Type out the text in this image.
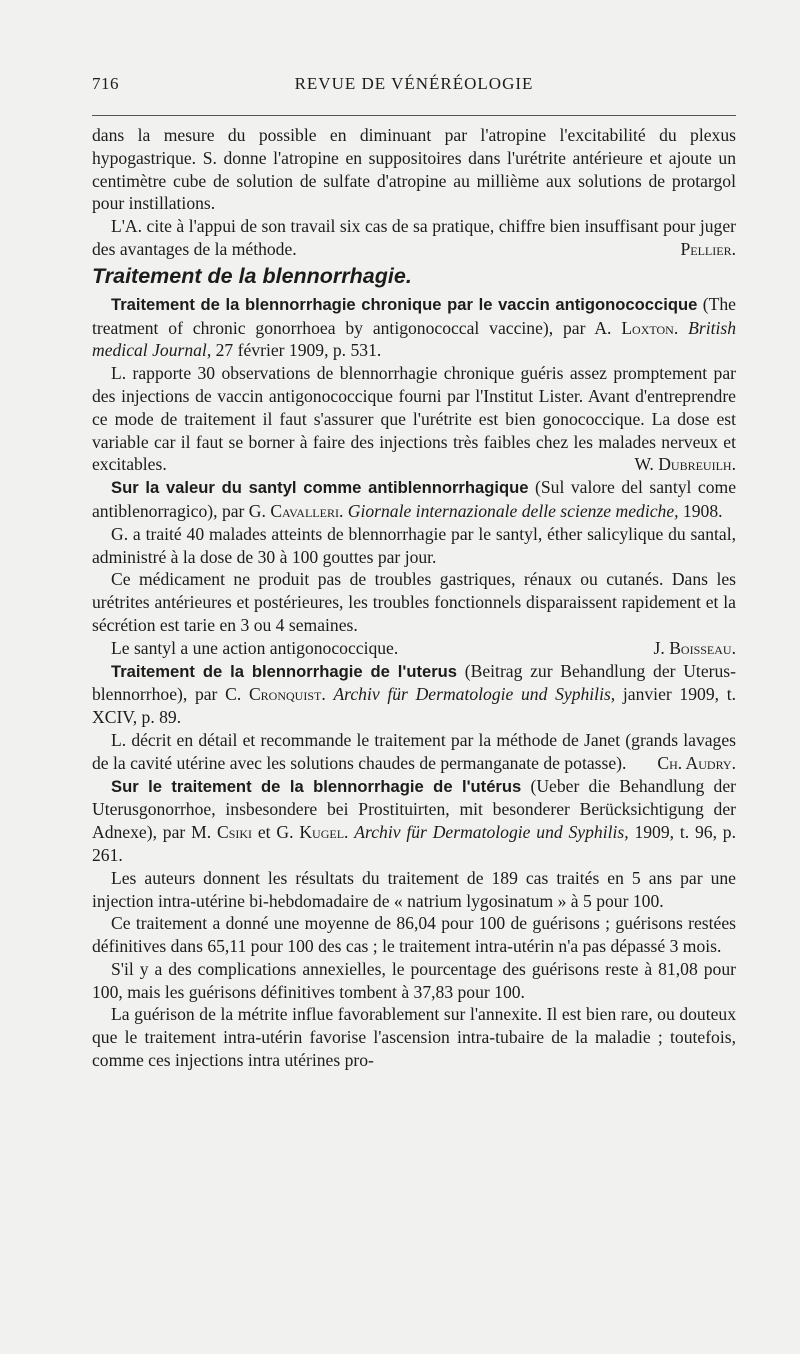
716	REVUE DE VÉNÉRÉOLOGIE

dans la mesure du possible en diminuant par l'atropine l'excitabilité du plexus hypogastrique. S. donne l'atropine en suppositoires dans l'urétrite antérieure et ajoute un centimètre cube de solution de sulfate d'atropine au millième aux solutions de protargol pour instillations.

L'A. cite à l'appui de son travail six cas de sa pratique, chiffre bien insuffisant pour juger des avantages de la méthode.	Pellier.

Traitement de la blennorrhagie.

Traitement de la blennorrhagie chronique par le vaccin antigonococcique (The treatment of chronic gonorrhoea by antigonococcal vaccine), par A. Loxton. British medical Journal, 27 février 1909, p. 531.

L. rapporte 30 observations de blennorrhagie chronique guéris assez promptement par des injections de vaccin antigonococcique fourni par l'Institut Lister. Avant d'entreprendre ce mode de traitement il faut s'assurer que l'urétrite est bien gonococcique. La dose est variable car il faut se borner à faire des injections très faibles chez les malades nerveux et excitables.	W. Dubreuilh.

Sur la valeur du santyl comme antiblennorrhagique (Sul valore del santyl come antiblenorragico), par G. Cavalleri. Giornale internazionale delle scienze mediche, 1908.

G. a traité 40 malades atteints de blennorrhagie par le santyl, éther salicylique du santal, administré à la dose de 30 à 100 gouttes par jour.

Ce médicament ne produit pas de troubles gastriques, rénaux ou cutanés. Dans les urétrites antérieures et postérieures, les troubles fonctionnels disparaissent rapidement et la sécrétion est tarie en 3 ou 4 semaines.

Le santyl a une action antigonococcique.	J. Boisseau.

Traitement de la blennorrhagie de l'uterus (Beitrag zur Behandlung der Uterus-blennorrhoe), par C. Cronquist. Archiv für Dermatologie und Syphilis, janvier 1909, t. XCIV, p. 89.

L. décrit en détail et recommande le traitement par la méthode de Janet (grands lavages de la cavité utérine avec les solutions chaudes de permanganate de potasse).	Ch. Audry.

Sur le traitement de la blennorrhagie de l'utérus (Ueber die Behandlung der Uterusgonorrhoe, insbesondere bei Prostituirten, mit besonderer Berücksichtigung der Adnexe), par M. Csiki et G. Kugel. Archiv für Dermatologie und Syphilis, 1909, t. 96, p. 261.

Les auteurs donnent les résultats du traitement de 189 cas traités en 5 ans par une injection intra-utérine bi-hebdomadaire de « natrium lygosinatum » à 5 pour 100.

Ce traitement a donné une moyenne de 86,04 pour 100 de guérisons ; guérisons restées définitives dans 65,11 pour 100 des cas ; le traitement intra-utérin n'a pas dépassé 3 mois.

S'il y a des complications annexielles, le pourcentage des guérisons reste à 81,08 pour 100, mais les guérisons définitives tombent à 37,83 pour 100.

La guérison de la métrite influe favorablement sur l'annexite. Il est bien rare, ou douteux que le traitement intra-utérin favorise l'ascension intra-tubaire de la maladie ; toutefois, comme ces injections intra utérines pro-
